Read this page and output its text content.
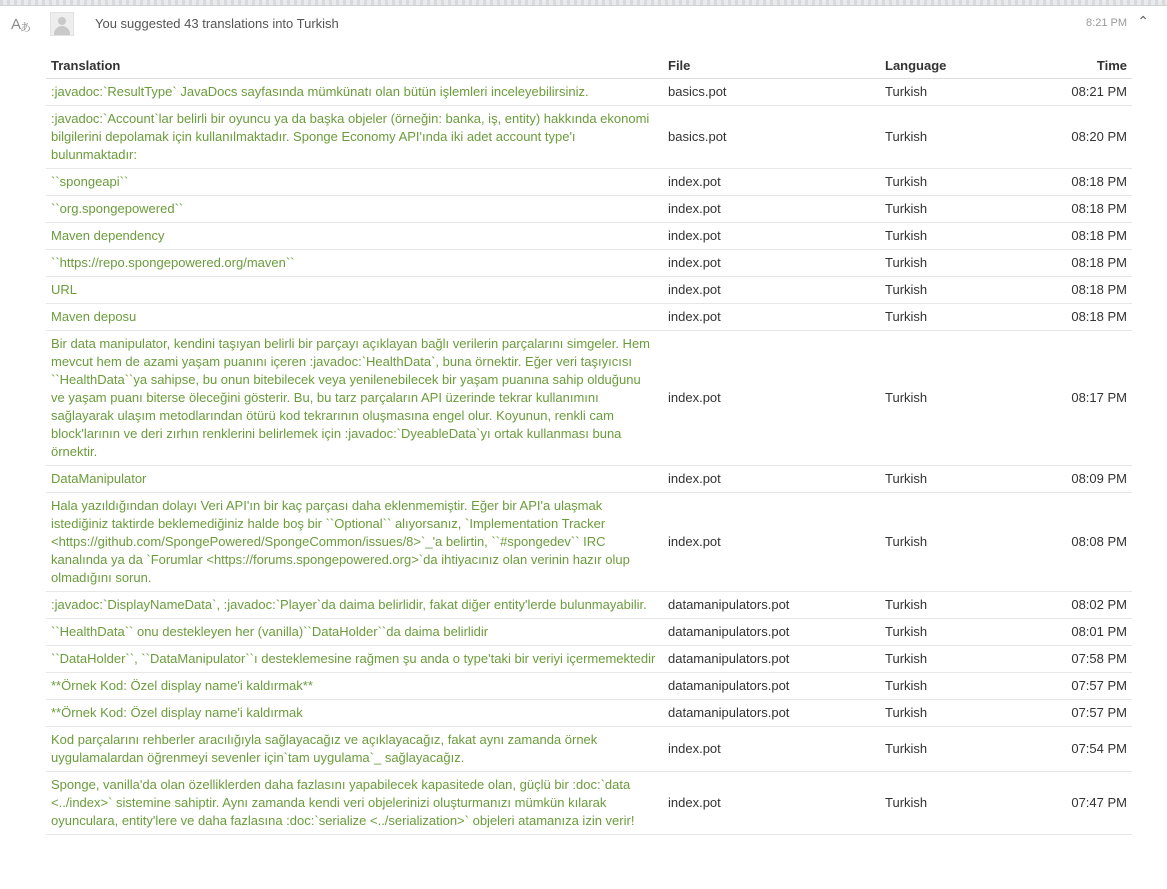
Aあ	You suggested 43 translations into Turkish	8:21 PM ⌃
Translation	File	Language	Time
:javadoc:`ResultType` JavaDocs sayfasında mümkünatı olan bütün işlemleri inceleyebilirsiniz.	basics.pot	Turkish	08:21 PM
:javadoc:`Account`lar belirli bir oyuncu ya da başka objeler (örneğin: banka, iş, entity) hakkında ekonomi bilgilerini depolamak için kullanılmaktadır. Sponge Economy API'ında iki adet account type'ı bulunmaktadır:	basics.pot	Turkish	08:20 PM
``spongeapi``	index.pot	Turkish	08:18 PM
``org.spongepowered``	index.pot	Turkish	08:18 PM
Maven dependency	index.pot	Turkish	08:18 PM
``https://repo.spongepowered.org/maven``	index.pot	Turkish	08:18 PM
URL	index.pot	Turkish	08:18 PM
Maven deposu	index.pot	Turkish	08:18 PM
Bir data manipulator, kendini taşıyan belirli bir parçayı açıklayan bağlı verilerin parçalarını simgeler. Hem mevcut hem de azami yaşam puanını içeren :javadoc:`HealthData`, buna örnektir. Eğer veri taşıyıcısı ``HealthData``ya sahipse, bu onun bitebilecek veya yenilenebilecek bir yaşam puanına sahip olduğunu ve yaşam puanı biterse öleceğini gösterir. Bu, bu tarz parçaların API üzerinde tekrar kullanımını sağlayarak ulaşım metodlarından ötürü kod tekrarının oluşmasına engel olur. Koyunun, renkli cam block'larının ve deri zırhın renklerini belirlemek için :javadoc:`DyeableData`yı ortak kullanması buna örnektir.	index.pot	Turkish	08:17 PM
DataManipulator	index.pot	Turkish	08:09 PM
Hala yazıldığından dolayı Veri API'ın bir kaç parçası daha eklenmemiştir. Eğer bir API'a ulaşmak istediğiniz taktirde beklemediğiniz halde boş bir ``Optional`` alıyorsanız, `Implementation Tracker <https://github.com/SpongePowered/SpongeCommon/issues/8>`_'a belirtin, ``#spongedev`` IRC kanalında ya da `Forumlar <https://forums.spongepowered.org>`da ihtiyacınız olan verinin hazır olup olmadığını sorun.	index.pot	Turkish	08:08 PM
:javadoc:`DisplayNameData`, :javadoc:`Player`da daima belirlidir, fakat diğer entity'lerde bulunmayabilir.	datamanipulators.pot	Turkish	08:02 PM
``HealthData`` onu destekleyen her (vanilla)``DataHolder``da daima belirlidir	datamanipulators.pot	Turkish	08:01 PM
``DataHolder``, ``DataManipulator``ı desteklemesine rağmen şu anda o type'taki bir veriyi içermemektedir	datamanipulators.pot	Turkish	07:58 PM
**Örnek Kod: Özel display name'i kaldırmak**	datamanipulators.pot	Turkish	07:57 PM
**Örnek Kod: Özel display name'i kaldırmak	datamanipulators.pot	Turkish	07:57 PM
Kod parçalarını rehberler aracılığıyla sağlayacağız ve açıklayacağız, fakat aynı zamanda örnek uygulamalardan öğrenmeyi sevenler için`tam uygulama`_ sağlayacağız.	index.pot	Turkish	07:54 PM
Sponge, vanilla'da olan özelliklerden daha fazlasını yapabilecek kapasitede olan, güçlü bir :doc:`data <../index>` sistemine sahiptir. Aynı zamanda kendi veri objelerinizi oluşturmanızı mümkün kılarak oyunculara, entity'lere ve daha fazlasına :doc:`serialize <../serialization>` objeleri atamanıza izin verir!	index.pot	Turkish	07:47 PM
